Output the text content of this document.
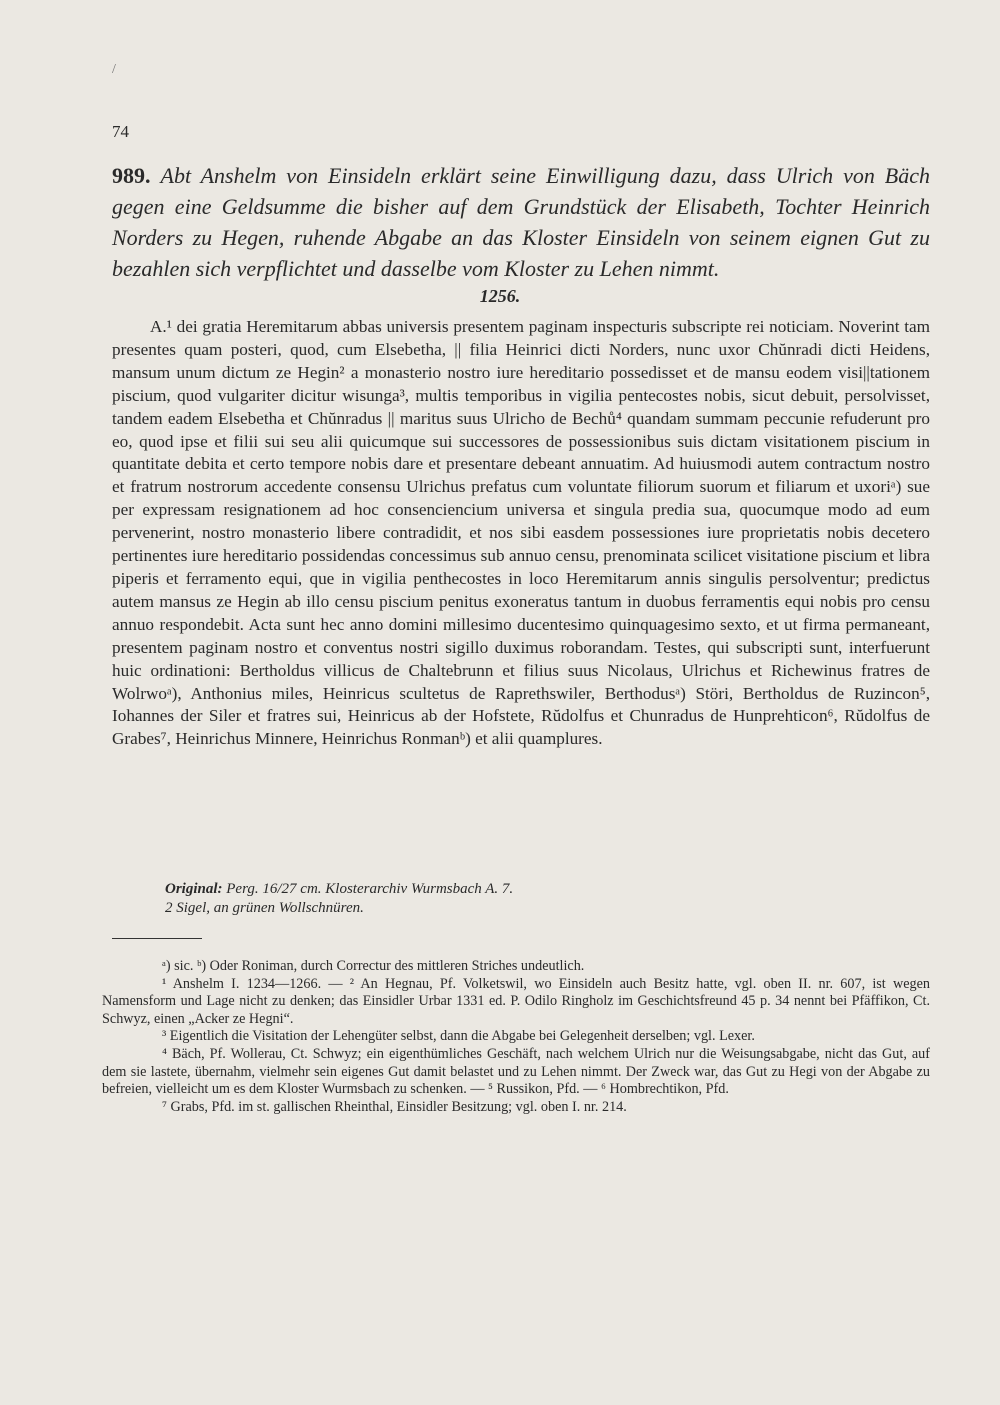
/
74
989. Abt Anshelm von Einsideln erklärt seine Einwilligung dazu, dass Ulrich von Bäch gegen eine Geldsumme die bisher auf dem Grundstück der Elisabeth, Tochter Heinrich Norders zu Hegen, ruhende Abgabe an das Kloster Einsideln von seinem eignen Gut zu bezahlen sich verpflichtet und dasselbe vom Kloster zu Lehen nimmt.
1256.

A.¹ dei gratia Heremitarum abbas universis presentem paginam inspecturis subscripte rei noticiam. Noverint tam presentes quam posteri, quod, cum Elsebetha, || filia Heinrici dicti Norders, nunc uxor Chŭnradi dicti Heidens, mansum unum dictum ze Hegin² a monasterio nostro iure hereditario possedisset et de mansu eodem visi||tationem piscium, quod vulgariter dicitur wisunga³, multis temporibus in vigilia pentecostes nobis, sicut debuit, persolvisset, tandem eadem Elsebetha et Chŭnradus || maritus suus Ulricho de Bechů⁴ quandam summam peccunie refuderunt pro eo, quod ipse et filii sui seu alii quicumque sui successores de possessionibus suis dictam visitationem piscium in quantitate debita et certo tempore nobis dare et presentare debeant annuatim. Ad huiusmodi autem contractum nostro et fratrum nostrorum accedente consensu Ulrichus prefatus cum voluntate filiorum suorum et filiarum et uxoriᵃ) sue per expressam resignationem ad hoc consenciencium universa et singula predia sua, quocumque modo ad eum pervenerint, nostro monasterio libere contradidit, et nos sibi easdem possessiones iure proprietatis nobis decetero pertinentes iure hereditario possidendas concessimus sub annuo censu, prenominata scilicet visitatione piscium et libra piperis et ferramento equi, que in vigilia penthecostes in loco Heremitarum annis singulis persolventur; predictus autem mansus ze Hegin ab illo censu piscium penitus exoneratus tantum in duobus ferramentis equi nobis pro censu annuo respondebit. Acta sunt hec anno domini millesimo ducentesimo quinquagesimo sexto, et ut firma permaneant, presentem paginam nostro et conventus nostri sigillo duximus roborandam. Testes, qui subscripti sunt, interfuerunt huic ordinationi: Bertholdus villicus de Chaltebrunn et filius suus Nicolaus, Ulrichus et Richewinus fratres de Wolrwoᵃ), Anthonius miles, Heinricus scultetus de Raprethswiler, Berthodusᵃ) Störi, Bertholdus de Ruzincon⁵, Iohannes der Siler et fratres sui, Heinricus ab der Hofstete, Rŭdolfus et Chunradus de Hunprehticon⁶, Rŭdolfus de Grabes⁷, Heinrichus Minnere, Heinrichus Ronmanᵇ) et alii quamplures.

Original: Perg. 16/27 cm. Klosterarchiv Wurmsbach A. 7.
2 Sigel, an grünen Wollschnüren.

ᵃ) sic. ᵇ) Oder Roniman, durch Correctur des mittleren Striches undeutlich.

¹ Anshelm I. 1234—1266. — ² An Hegnau, Pf. Volketswil, wo Einsideln auch Besitz hatte, vgl. oben II. nr. 607, ist wegen Namensform und Lage nicht zu denken; das Einsidler Urbar 1331 ed. P. Odilo Ringholz im Geschichtsfreund 45 p. 34 nennt bei Pfäffikon, Ct. Schwyz, einen „Acker ze Hegni“.

³ Eigentlich die Visitation der Lehengüter selbst, dann die Abgabe bei Gelegenheit derselben; vgl. Lexer.

⁴ Bäch, Pf. Wollerau, Ct. Schwyz; ein eigenthümliches Geschäft, nach welchem Ulrich nur die Weisungsabgabe, nicht das Gut, auf dem sie lastete, übernahm, vielmehr sein eigenes Gut damit belastet und zu Lehen nimmt. Der Zweck war, das Gut zu Hegi von der Abgabe zu befreien, vielleicht um es dem Kloster Wurmsbach zu schenken. — ⁵ Russikon, Pfd. — ⁶ Hombrechtikon, Pfd.

⁷ Grabs, Pfd. im st. gallischen Rheinthal, Einsidler Besitzung; vgl. oben I. nr. 214.
